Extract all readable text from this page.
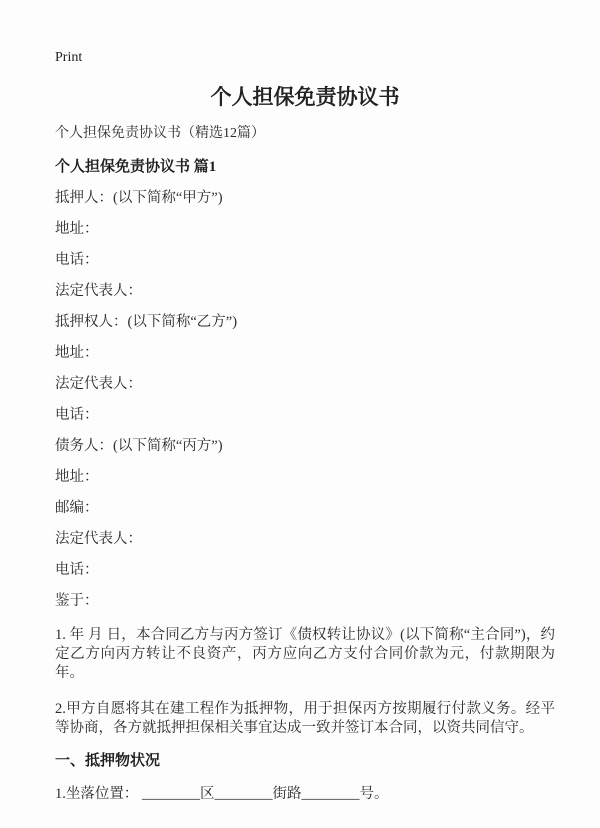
Print
个人担保免责协议书

个人担保免责协议书（精选12篇）

个人担保免责协议书 篇1

抵押人：(以下简称“甲方”)

地址：

电话：

法定代表人：

抵押权人：(以下简称“乙方”)

地址：

法定代表人：

电话：

债务人：(以下简称“丙方”)

地址：

邮编：

法定代表人：

电话：

鉴于：

1. 年 月 日，本合同乙方与丙方签订《债权转让协议》(以下简称“主合同”)，约定乙方向丙方转让不良资产，丙方应向乙方支付合同价款为元，付款期限为 年。

2.甲方自愿将其在建工程作为抵押物，用于担保丙方按期履行付款义务。经平等协商，各方就抵押担保相关事宜达成一致并签订本合同，以资共同信守。

一、抵押物状况

1.坐落位置： ________区________街路________号。
